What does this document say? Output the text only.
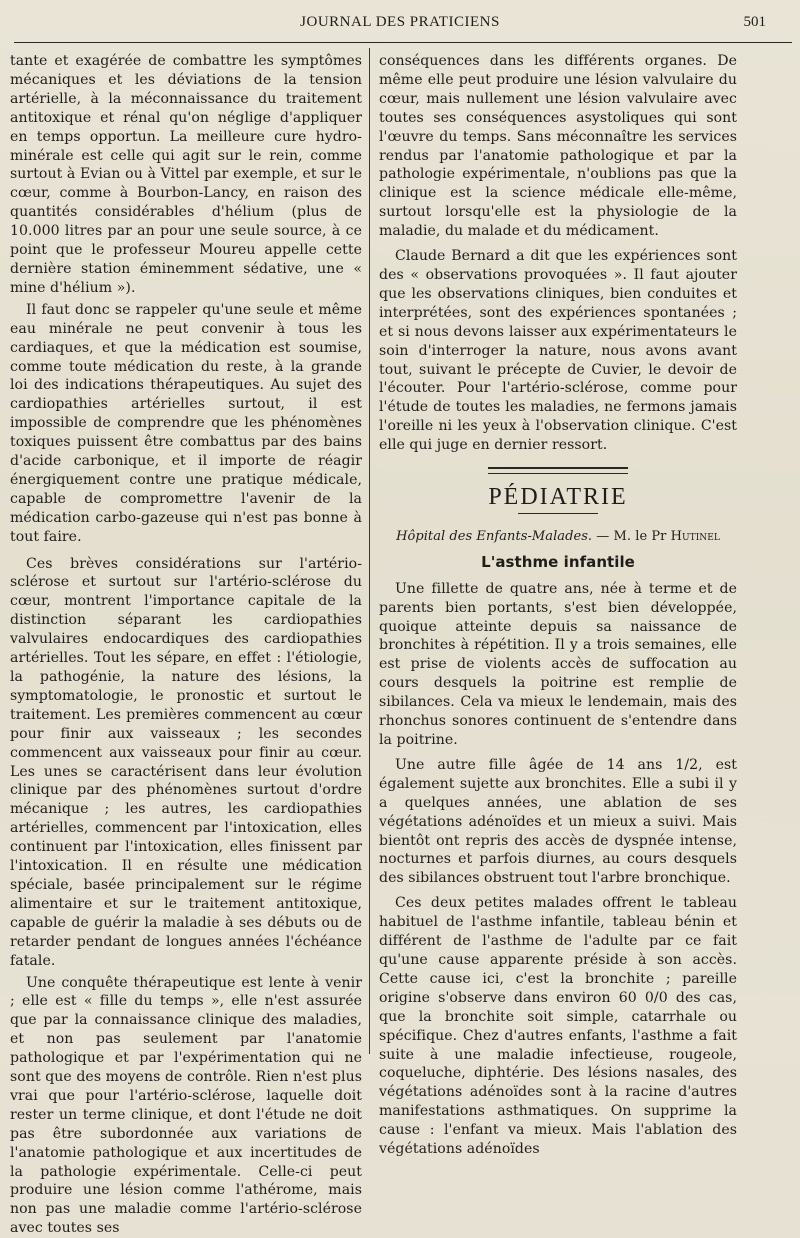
JOURNAL DES PRATICIENS	501

tante et exagérée de combattre les symptômes mécaniques et les déviations de la tension artérielle, à la méconnaissance du traitement antitoxique et rénal qu'on néglige d'appliquer en temps opportun. La meilleure cure hydro-minérale est celle qui agit sur le rein, comme surtout à Evian ou à Vittel par exemple, et sur le cœur, comme à Bourbon-Lancy, en raison des quantités considérables d'hélium (plus de 10.000 litres par an pour une seule source, à ce point que le professeur Moureu appelle cette dernière station éminemment sédative, une « mine d'hélium »).

Il faut donc se rappeler qu'une seule et même eau minérale ne peut convenir à tous les cardiaques, et que la médication est soumise, comme toute médication du reste, à la grande loi des indications thérapeutiques. Au sujet des cardiopathies artérielles surtout, il est impossible de comprendre que les phénomènes toxiques puissent être combattus par des bains d'acide carbonique, et il importe de réagir énergiquement contre une pratique médicale, capable de compromettre l'avenir de la médication carbo-gazeuse qui n'est pas bonne à tout faire.

Ces brèves considérations sur l'artério-sclérose et surtout sur l'artério-sclérose du cœur, montrent l'importance capitale de la distinction séparant les cardiopathies valvulaires endocardiques des cardiopathies artérielles. Tout les sépare, en effet : l'étiologie, la pathogénie, la nature des lésions, la symptomatologie, le pronostic et surtout le traitement. Les premières commencent au cœur pour finir aux vaisseaux ; les secondes commencent aux vaisseaux pour finir au cœur. Les unes se caractérisent dans leur évolution clinique par des phénomènes surtout d'ordre mécanique ; les autres, les cardiopathies artérielles, commencent par l'intoxication, elles continuent par l'intoxication, elles finissent par l'intoxication. Il en résulte une médication spéciale, basée principalement sur le régime alimentaire et sur le traitement antitoxique, capable de guérir la maladie à ses débuts ou de retarder pendant de longues années l'échéance fatale.

Une conquête thérapeutique est lente à venir ; elle est « fille du temps », elle n'est assurée que par la connaissance clinique des maladies, et non pas seulement par l'anatomie pathologique et par l'expérimentation qui ne sont que des moyens de contrôle. Rien n'est plus vrai que pour l'artério-sclérose, laquelle doit rester un terme clinique, et dont l'étude ne doit pas être subordonnée aux variations de l'anatomie pathologique et aux incertitudes de la pathologie expérimentale. Celle-ci peut produire une lésion comme l'athérome, mais non pas une maladie comme l'artério-sclérose avec toutes ses

conséquences dans les différents organes. De même elle peut produire une lésion valvulaire du cœur, mais nullement une lésion valvulaire avec toutes ses conséquences asystoliques qui sont l'œuvre du temps. Sans méconnaître les services rendus par l'anatomie pathologique et par la pathologie expérimentale, n'oublions pas que la clinique est la science médicale elle-même, surtout lorsqu'elle est la physiologie de la maladie, du malade et du médicament.

Claude Bernard a dit que les expériences sont des « observations provoquées ». Il faut ajouter que les observations cliniques, bien conduites et interprétées, sont des expériences spontanées ; et si nous devons laisser aux expérimentateurs le soin d'interroger la nature, nous avons avant tout, suivant le précepte de Cuvier, le devoir de l'écouter. Pour l'artério-sclérose, comme pour l'étude de toutes les maladies, ne fermons jamais l'oreille ni les yeux à l'observation clinique. C'est elle qui juge en dernier ressort.

PÉDIATRIE
Hôpital des Enfants-Malades. — M. le Pr Hutinel
L'asthme infantile

Une fillette de quatre ans, née à terme et de parents bien portants, s'est bien développée, quoique atteinte depuis sa naissance de bronchites à répétition. Il y a trois semaines, elle est prise de violents accès de suffocation au cours desquels la poitrine est remplie de sibilances. Cela va mieux le lendemain, mais des rhonchus sonores continuent de s'entendre dans la poitrine.

Une autre fille âgée de 14 ans 1/2, est également sujette aux bronchites. Elle a subi il y a quelques années, une ablation de ses végétations adénoïdes et un mieux a suivi. Mais bientôt ont repris des accès de dyspnée intense, nocturnes et parfois diurnes, au cours desquels des sibilances obstruent tout l'arbre bronchique.

Ces deux petites malades offrent le tableau habituel de l'asthme infantile, tableau bénin et différent de l'asthme de l'adulte par ce fait qu'une cause apparente préside à son accès. Cette cause ici, c'est la bronchite ; pareille origine s'observe dans environ 60 0/0 des cas, que la bronchite soit simple, catarrhale ou spécifique. Chez d'autres enfants, l'asthme a fait suite à une maladie infectieuse, rougeole, coqueluche, diphtérie. Des lésions nasales, des végétations adénoïdes sont à la racine d'autres manifestations asthmatiques. On supprime la cause : l'enfant va mieux. Mais l'ablation des végétations adénoïdes
